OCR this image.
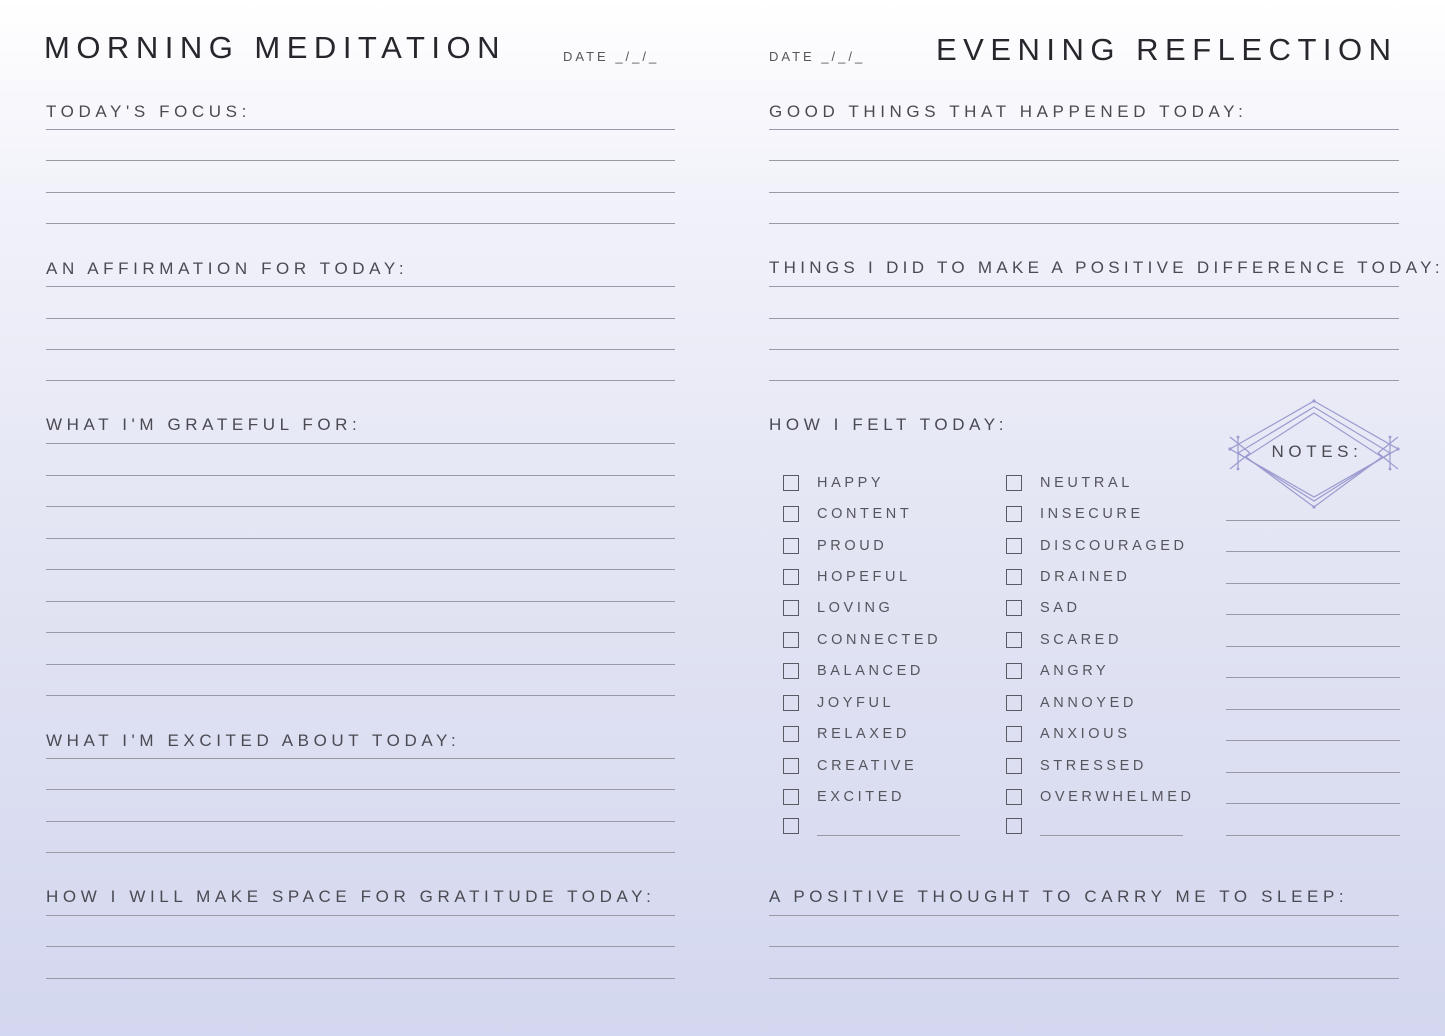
MORNING MEDITATION	DATE _/_/_
TODAY'S FOCUS:
AN AFFIRMATION FOR TODAY:
WHAT I'M GRATEFUL FOR:
WHAT I'M EXCITED ABOUT TODAY:
HOW I WILL MAKE SPACE FOR GRATITUDE TODAY:
DATE _/_/_ EVENING REFLECTION
GOOD THINGS THAT HAPPENED TODAY:
THINGS I DID TO MAKE A POSITIVE DIFFERENCE TODAY:
HOW I FELT TODAY:
HAPPY
CONTENT
PROUD
HOPEFUL
LOVING
CONNECTED
BALANCED
JOYFUL
RELAXED
CREATIVE
EXCITED
NEUTRAL
INSECURE
DISCOURAGED
DRAINED
SAD
SCARED
ANGRY
ANNOYED
ANXIOUS
STRESSED
OVERWHELMED
NOTES:
A POSITIVE THOUGHT TO CARRY ME TO SLEEP:
